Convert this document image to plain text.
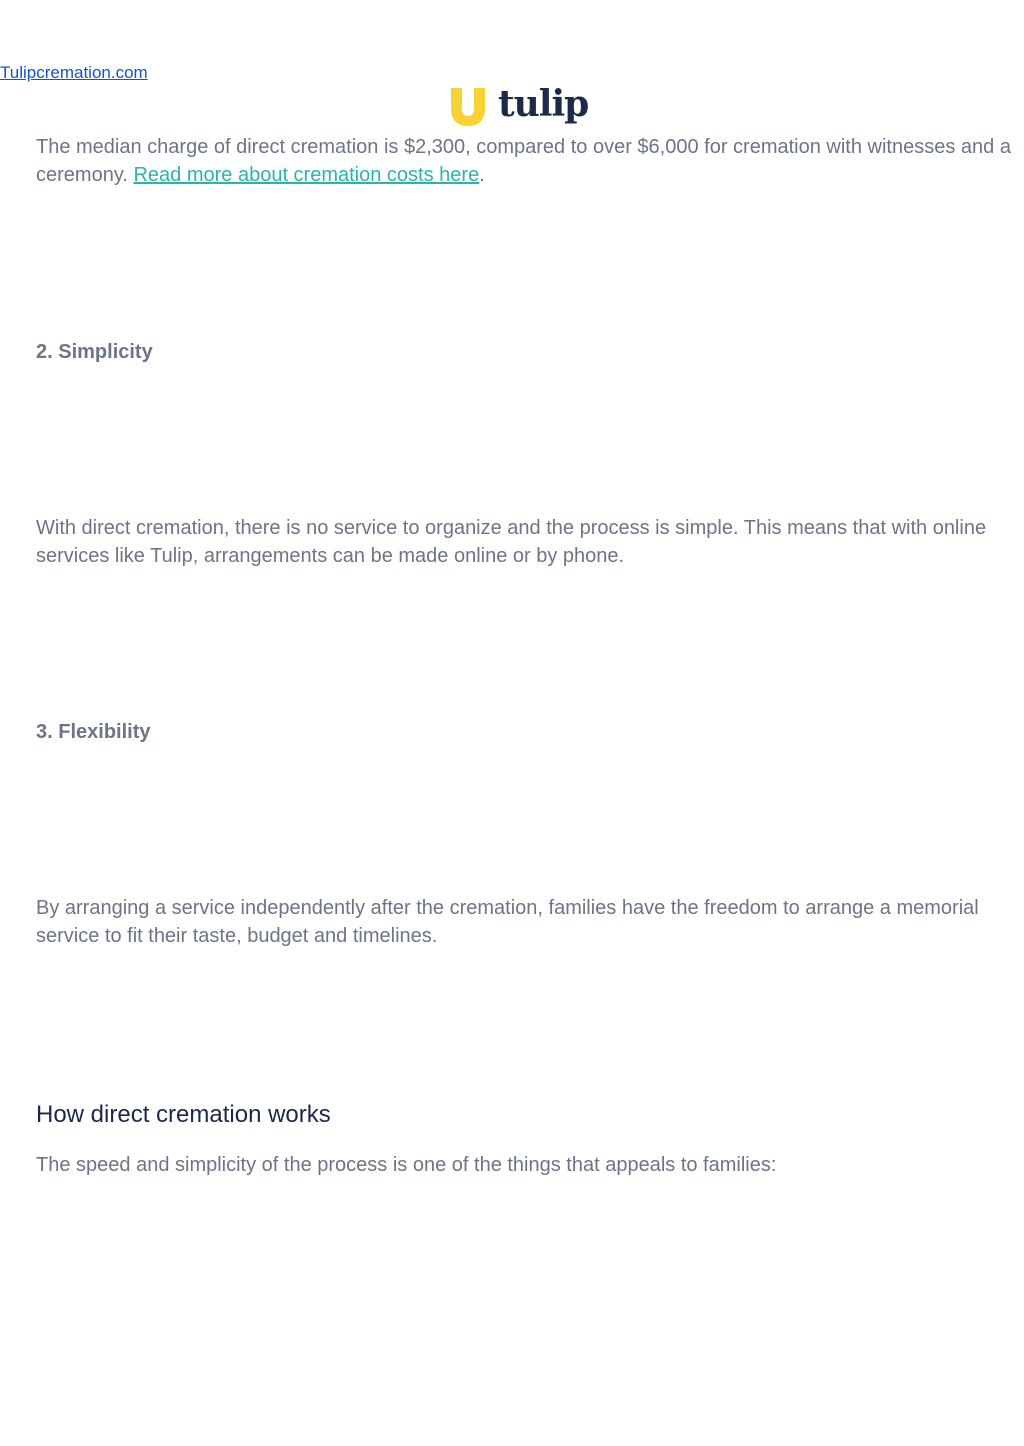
Tulipcremation.com
tulip

The median charge of direct cremation is $2,300, compared to over $6,000 for cremation with witnesses and a ceremony. Read more about cremation costs here.

2. Simplicity

With direct cremation, there is no service to organize and the process is simple. This means that with online services like Tulip, arrangements can be made online or by phone.

3. Flexibility

By arranging a service independently after the cremation, families have the freedom to arrange a memorial service to fit their taste, budget and timelines.

How direct cremation works

The speed and simplicity of the process is one of the things that appeals to families:
